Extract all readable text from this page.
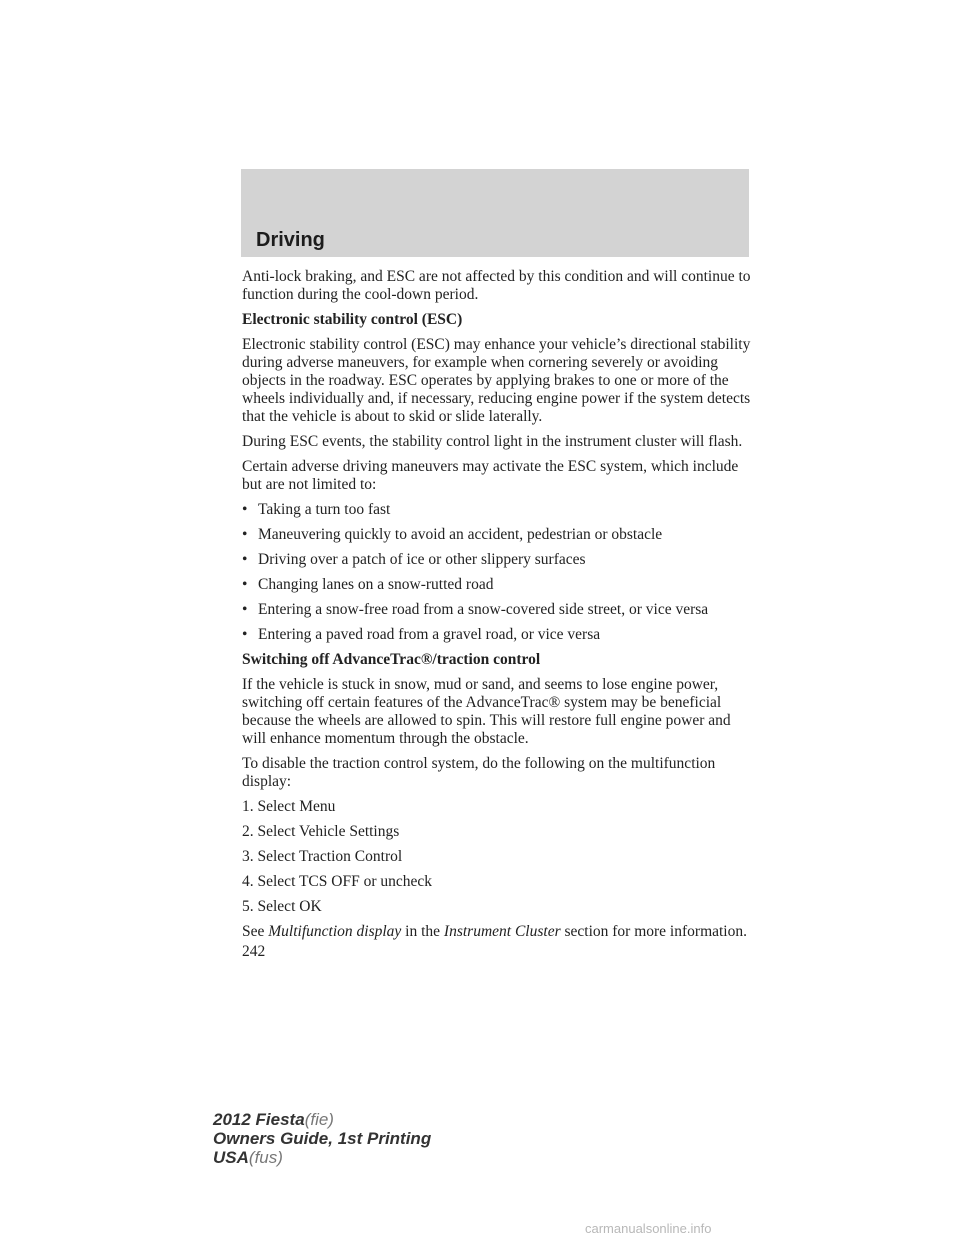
Driving

Anti-lock braking, and ESC are not affected by this condition and will continue to function during the cool-down period.

Electronic stability control (ESC)

Electronic stability control (ESC) may enhance your vehicle’s directional stability during adverse maneuvers, for example when cornering severely or avoiding objects in the roadway. ESC operates by applying brakes to one or more of the wheels individually and, if necessary, reducing engine power if the system detects that the vehicle is about to skid or slide laterally.

During ESC events, the stability control light in the instrument cluster will flash.

Certain adverse driving maneuvers may activate the ESC system, which include but are not limited to:

• Taking a turn too fast
• Maneuvering quickly to avoid an accident, pedestrian or obstacle
• Driving over a patch of ice or other slippery surfaces
• Changing lanes on a snow-rutted road
• Entering a snow-free road from a snow-covered side street, or vice versa
• Entering a paved road from a gravel road, or vice versa

Switching off AdvanceTrac®/traction control

If the vehicle is stuck in snow, mud or sand, and seems to lose engine power, switching off certain features of the AdvanceTrac® system may be beneficial because the wheels are allowed to spin. This will restore full engine power and will enhance momentum through the obstacle.

To disable the traction control system, do the following on the multifunction display:

1. Select Menu

2. Select Vehicle Settings

3. Select Traction Control

4. Select TCS OFF or uncheck

5. Select OK

See Multifunction display in the Instrument Cluster section for more information.

242

2012 Fiesta(fie)
Owners Guide, 1st Printing
USA(fus)
carmanualsonline.info
